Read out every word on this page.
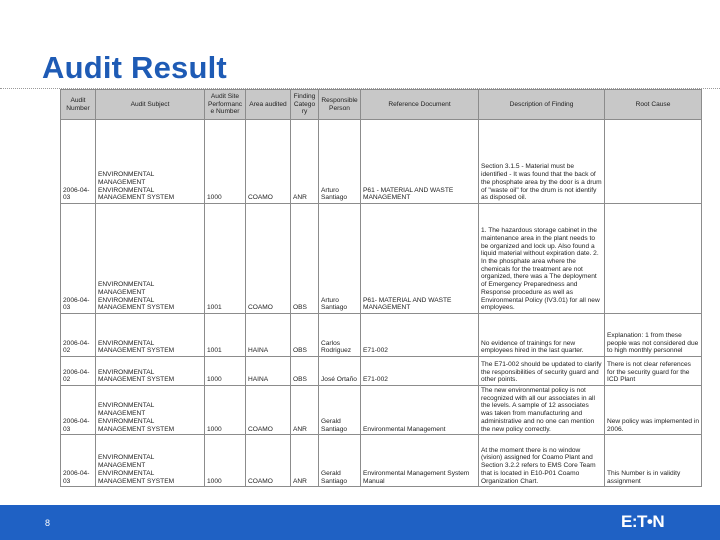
Audit Result
Audit Number	Audit Subject	Audit Site Performance Number	Area audited	Finding Category	Responsible Person	Reference Document	Description of Finding	Root Cause
2006-04-03	ENVIRONMENTAL MANAGEMENT ENVIRONMENTAL MANAGEMENT SYSTEM	1000	COAMO	ANR	Arturo Santiago	P61 - MATERIAL AND WASTE MANAGEMENT	Section 3.1.5 - Material must be identified - It was found that the back of the phosphate area by the door is a drum of "waste oil" for the drum is not identify as disposed oil.	
2006-04-03	ENVIRONMENTAL MANAGEMENT ENVIRONMENTAL MANAGEMENT SYSTEM	1001	COAMO	OBS	Arturo Santiago	P61- MATERIAL AND WASTE MANAGEMENT	1. The hazardous storage cabinet in the maintenance area in the plant needs to be organized and lock up. Also found a liquid material without expiration date. 2. In the phosphate area where the chemicals for the treatment are not organized, there was a The deployment of Emergency Preparedness and Response procedure as well as Environmental Policy (IV3.01) for all new employees.	
2006-04-02	ENVIRONMENTAL MANAGEMENT SYSTEM	1001	HAINA	OBS	Carlos Rodriguez	E71-002	No evidence of trainings for new employees hired in the last quarter.	Explanation: 1 from these people was not considered due to high monthly personnel
2006-04-02	ENVIRONMENTAL MANAGEMENT SYSTEM	1000	HAINA	OBS	José Ortaño	E71-002	The E71-002 should be updated to clarify the responsibilities of security guard and other points.	There is not clear references for the security guard for the ICD Plant
2006-04-03	ENVIRONMENTAL MANAGEMENT ENVIRONMENTAL MANAGEMENT SYSTEM	1000	COAMO	ANR	Gerald Santiago	Environmental Management	The new environmental policy is not recognized with all our associates in all the levels. A sample of 12 associates was taken from manufacturing and administrative and no one can mention the new policy correctly.	New policy was implemented in 2006.
2006-04-03	ENVIRONMENTAL MANAGEMENT ENVIRONMENTAL MANAGEMENT SYSTEM	1000	COAMO	ANR	Gerald Santiago	Environmental Management System Manual	At the moment there is no window (vision) assigned for Coamo Plant and Section 3.2.2 refers to EMS Core Team that is located in E10-P01 Coamo Organization Chart.	This Number is in validity assignment
8	E:T•N
